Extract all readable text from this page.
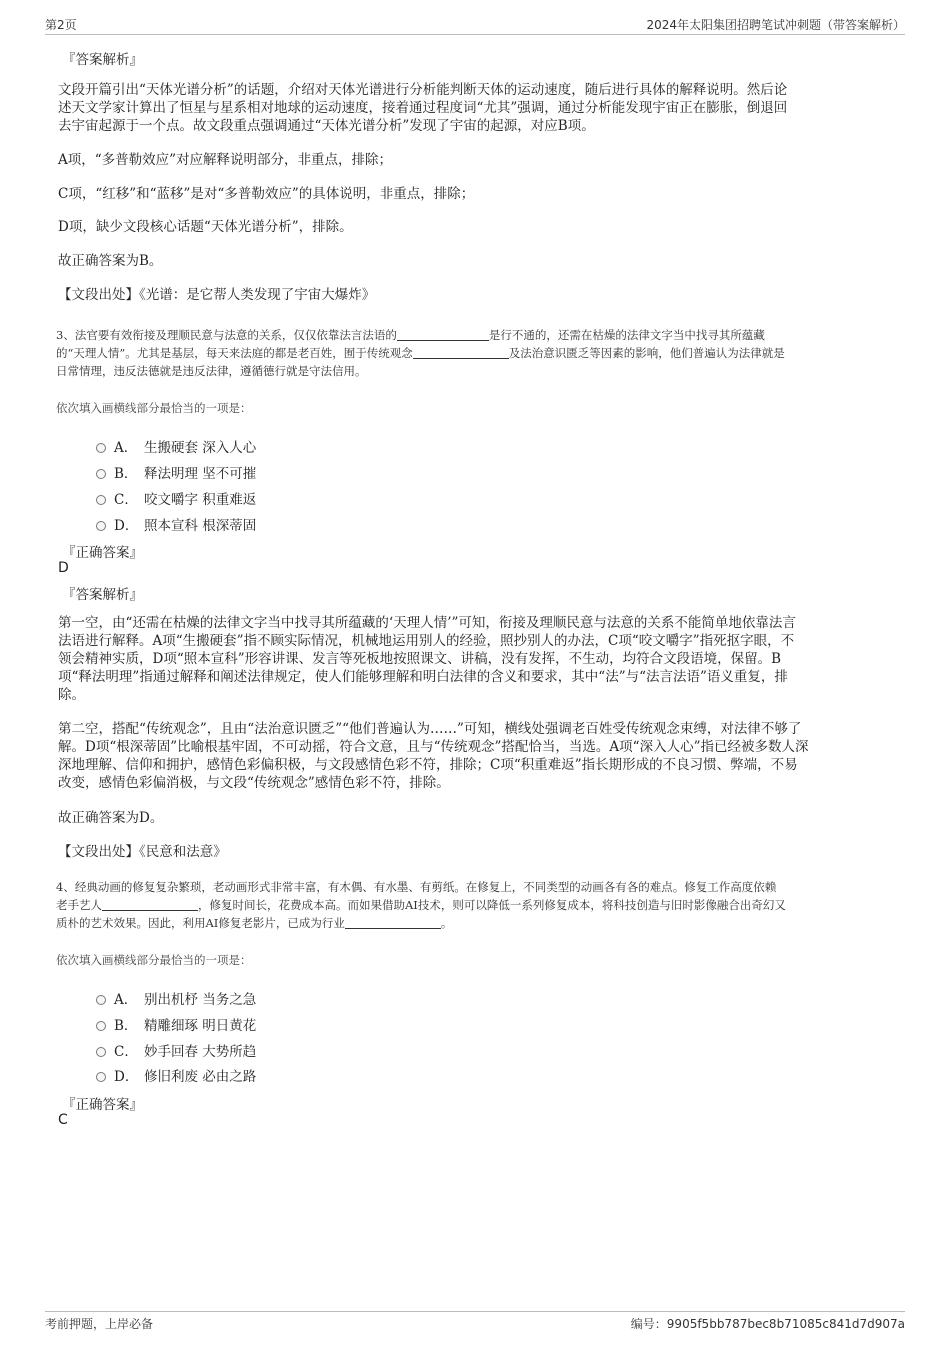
第2页	2024年太阳集团招聘笔试冲刺题（带答案解析）
『答案解析』
文段开篇引出“天体光谱分析”的话题，介绍对天体光谱进行分析能判断天体的运动速度，随后进行具体的解释说明。然后论
述天文学家计算出了恒星与星系相对地球的运动速度，接着通过程度词“尤其”强调，通过分析能发现宇宙正在膨胀，倒退回
去宇宙起源于一个点。故文段重点强调通过“天体光谱分析”发现了宇宙的起源，对应B项。
A项，“多普勒效应”对应解释说明部分，非重点，排除；
C项，“红移”和“蓝移”是对“多普勒效应”的具体说明，非重点，排除；
D项，缺少文段核心话题“天体光谱分析”，排除。
故正确答案为B。
【文段出处】《光谱：是它帮人类发现了宇宙大爆炸》
3、法官要有效衔接及理顺民意与法意的关系，仅仅依靠法言法语的	是行不通的，还需在枯燥的法律文字当中找寻其所蕴藏
的“天理人情”。尤其是基层，每天来法庭的都是老百姓，囿于传统观念	及法治意识匮乏等因素的影响，他们普遍认为法律就是
日常情理，违反法德就是违反法律，遵循德行就是守法信用。
依次填入画横线部分最恰当的一项是：
A． 生搬硬套 深入人心
B． 释法明理 坚不可摧
C． 咬文嚼字 积重难返
D． 照本宣科 根深蒂固
『正确答案』
D
『答案解析』
第一空，由“还需在枯燥的法律文字当中找寻其所蕴藏的‘天理人情’”可知，衔接及理顺民意与法意的关系不能简单地依靠法言
法语进行解释。A项“生搬硬套”指不顾实际情况，机械地运用别人的经验，照抄别人的办法，C项“咬文嚼字”指死抠字眼，不
领会精神实质，D项“照本宣科”形容讲课、发言等死板地按照课文、讲稿，没有发挥，不生动，均符合文段语境，保留。B
项“释法明理”指通过解释和阐述法律规定，使人们能够理解和明白法律的含义和要求，其中“法”与“法言法语”语义重复，排
除。
第二空，搭配“传统观念”，且由“法治意识匮乏”“他们普遍认为……”可知，横线处强调老百姓受传统观念束缚，对法律不够了
解。D项“根深蒂固”比喻根基牢固，不可动摇，符合文意，且与“传统观念”搭配恰当，当选。A项“深入人心”指已经被多数人深
深地理解、信仰和拥护，感情色彩偏积极，与文段感情色彩不符，排除；C项“积重难返”指长期形成的不良习惯、弊端，不易
改变，感情色彩偏消极，与文段“传统观念”感情色彩不符，排除。
故正确答案为D。
【文段出处】《民意和法意》
4、经典动画的修复复杂繁琐，老动画形式非常丰富，有木偶、有水墨、有剪纸。在修复上，不同类型的动画各有各的难点。修复工作高度依赖
老手艺人	，修复时间长，花费成本高。而如果借助AI技术，则可以降低一系列修复成本，将科技创造与旧时影像融合出奇幻又
质朴的艺术效果。因此，利用AI修复老影片，已成为行业	。
依次填入画横线部分最恰当的一项是：
A． 别出机杼 当务之急
B． 精雕细琢 明日黄花
C． 妙手回春 大势所趋
D． 修旧利废 必由之路
『正确答案』
C
考前押题，上岸必备	编号：9905f5bb787bec8b71085c841d7d907a
